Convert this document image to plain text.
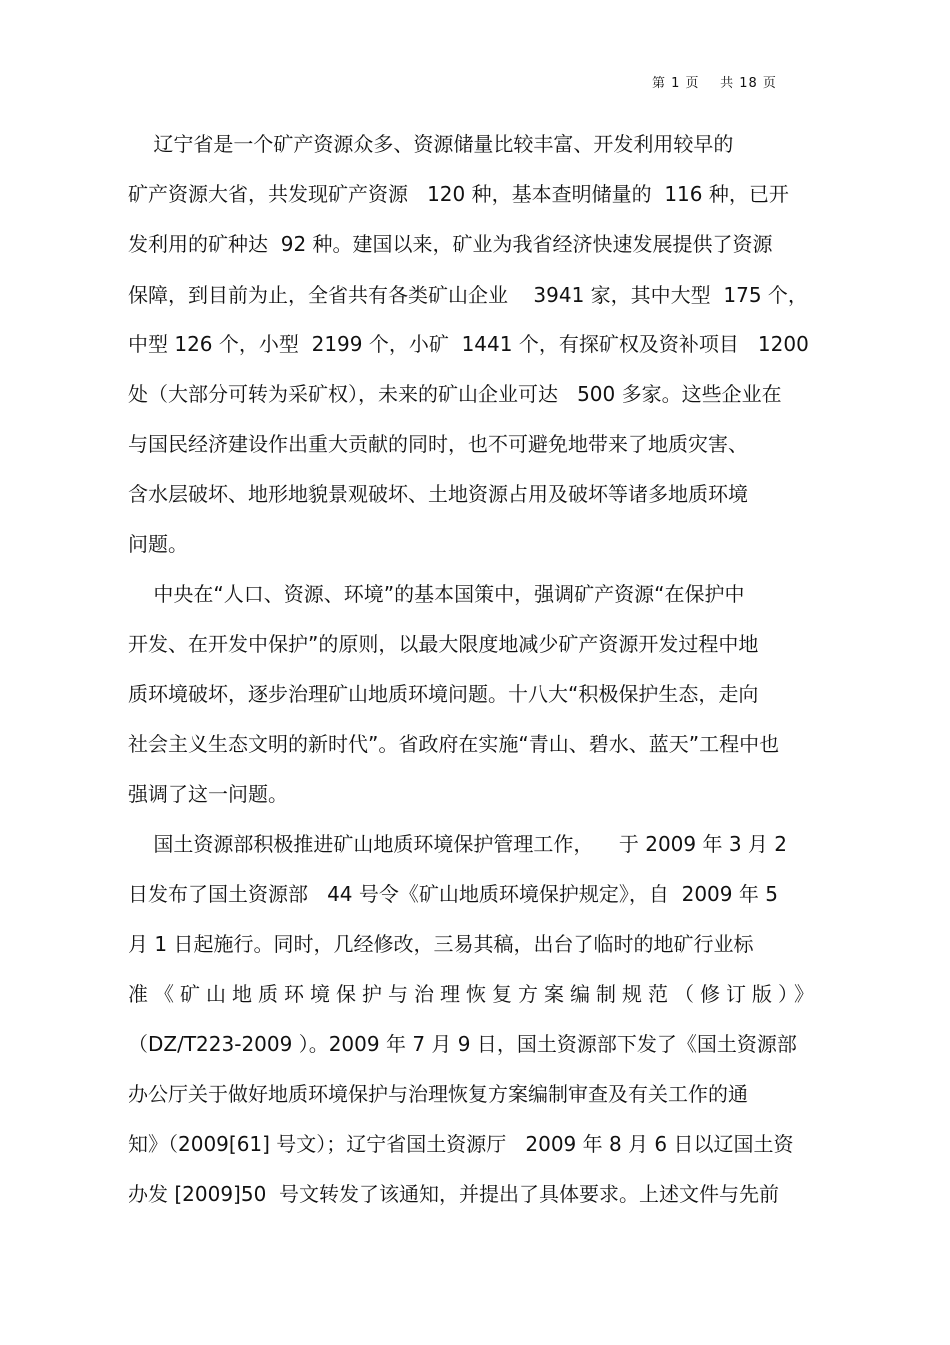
第 1 页    共 18 页
辽宁省是一个矿产资源众多、资源储量比较丰富、开发利用较早的
矿产资源大省，共发现矿产资源   120 种，基本查明储量的  116 种，已开
发利用的矿种达  92 种。建国以来，矿业为我省经济快速发展提供了资源
保障，到目前为止，全省共有各类矿山企业    3941 家，其中大型  175 个，
中型 126 个，小型  2199 个，小矿  1441 个，有探矿权及资补项目   1200
处（大部分可转为采矿权），未来的矿山企业可达   500 多家。这些企业在
与国民经济建设作出重大贡献的同时，也不可避免地带来了地质灾害、
含水层破坏、地形地貌景观破坏、土地资源占用及破坏等诸多地质环境
问题。
中央在“人口、资源、环境”的基本国策中，强调矿产资源“在保护中
开发、在开发中保护”的原则，以最大限度地减少矿产资源开发过程中地
质环境破坏，逐步治理矿山地质环境问题。十八大“积极保护生态，走向
社会主义生态文明的新时代”。省政府在实施“青山、碧水、蓝天”工程中也
强调了这一问题。
国土资源部积极推进矿山地质环境保护管理工作，    于 2009 年 3 月 2
日发布了国土资源部   44 号令《矿山地质环境保护规定》，自  2009 年 5
月 1 日起施行。同时，几经修改，三易其稿，出台了临时的地矿行业标
准《矿山地质环境保护与治理恢复方案编制规范（修订版）》
（DZ/T223-2009 ）。2009 年 7 月 9 日，国土资源部下发了《国土资源部
办公厅关于做好地质环境保护与治理恢复方案编制审查及有关工作的通
知》（2009[61] 号文）；辽宁省国土资源厅   2009 年 8 月 6 日以辽国土资
办发 [2009]50  号文转发了该通知，并提出了具体要求。上述文件与先前
